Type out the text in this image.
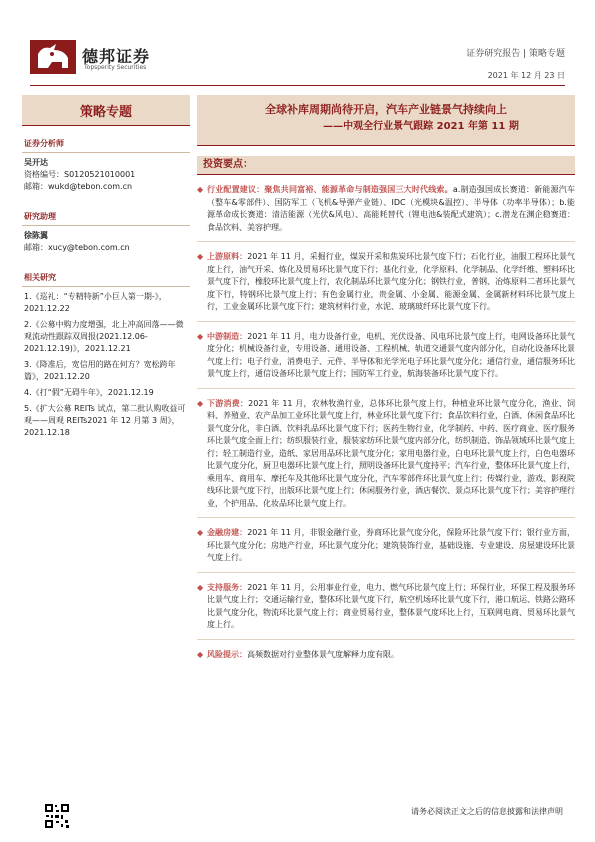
德邦证券
Topsperity Securities
证券研究报告 | 策略专题
2021 年 12 月 23 日
策略专题
证券分析师
吴开达
资格编号：S0120521010001
邮箱：wukd@tebon.com.cn
研究助理
徐陈翼
邮箱：xucy@tebon.com.cn
相关研究
1.《巡礼：“专精特新”小巨人第一期-》，2021.12.22
2.《公募中购力度增强，北上冲高回落——微观流动性跟踪双周报(2021.12.06-2021.12.19)》，2021.12.21
3.《降准后，宽信用的路在何方？宽松跨年篇》，2021.12.20
4.《打“假”无碍牛年》，2021.12.19
5.《扩大公募 REITs 试点，第二批认购收益可观——周观 REITs2021 年 12 月第 3 周》，2021.12.18
全球补库周期尚待开启，汽车产业链景气持续向上
——中观全行业景气跟踪 2021 年第 11 期
投资要点：
◆ 行业配置建议：聚焦共同富裕、能源革命与制造强国三大时代线索。a.制造强国成长赛道：新能源汽车（整车&零部件）、国防军工（飞机&导弹产业链）、IDC（光模块&温控）、半导体（功率半导体）；b.能源革命成长赛道：清洁能源（光伏&风电）、高能耗替代（锂电池&装配式建筑）；c.潜龙在渊企稳赛道：食品饮料、美容护理。
◆ 上游原料：2021 年 11 月，采掘行业，煤炭开采和焦炭环比景气度下行；石化行业，油服工程环比景气度上行，油气开采、炼化及贸易环比景气度下行；基化行业，化学原料、化学制品、化学纤维、塑料环比景气度下行，橡胶环比景气度上行，农化制品环比景气度分化；钢铁行业，普钢、冶炼原料二者环比景气度下行，特钢环比景气度上行；有色金属行业，贵金属、小金属、能源金属、金属新材料环比景气度上行，工业金属环比景气度下行；建筑材料行业，水泥、玻璃玻纤环比景气度下行。
◆ 中游制造：2021 年 11 月，电力设备行业，电机、光伏设备、风电环比景气度上行，电网设备环比景气度分化；机械设备行业，专用设备、通用设备、工程机械、轨道交通景气度内部分化，自动化设备环比景气度上行；电子行业，消费电子、元件、半导体和光学光电子环比景气度分化；通信行业，通信服务环比景气度上行，通信设备环比景气度上行；国防军工行业，航海装备环比景气度下行。
◆ 下游消费：2021 年 11 月，农林牧渔行业，总体环比景气度上行，种植业环比景气度分化，渔业、饲料、养殖业、农产品加工业环比景气度上行，林业环比景气度下行；食品饮料行业，白酒、休闲食品环比景气度分化，非白酒、饮料乳品环比景气度下行；医药生物行业，化学制药、中药、医疗商业、医疗服务环比景气度全面上行；纺织服装行业，服装家纺环比景气度内部分化，纺织制造、饰品领域环比景气度上行；轻工制造行业，造纸、家居用品环比景气度分化；家用电器行业，白电环比景气度上行，白色电器环比景气度分化，厨卫电器环比景气度上行，照明设备环比景气度持平；汽车行业，整体环比景气度上行，乘用车、商用车、摩托车及其他环比景气度分化，汽车零部件环比景气度上行；传媒行业，游戏、影视院线环比景气度下行，出版环比景气度上行；休闲服务行业，酒店餐饮、景点环比景气度下行；美容护理行业，个护用品、化妆品环比景气度上行。
◆ 金融房建：2021 年 11 月，非银金融行业，券商环比景气度分化，保险环比景气度下行；银行业方面，环比景气度分化；房地产行业，环比景气度分化；建筑装饰行业，基础设施、专业建设、房屋建设环比景气度上行。
◆ 支持服务：2021 年 11 月，公用事业行业，电力、燃气环比景气度上行；环保行业，环保工程及服务环比景气度上行；交通运输行业，整体环比景气度下行，航空机场环比景气度下行，港口航运、铁路公路环比景气度分化，物流环比景气度上行；商业贸易行业，整体景气度环比上行，互联网电商、贸易环比景气度上行。
◆ 风险提示：高频数据对行业整体景气度解释力度有限。
请务必阅读正文之后的信息披露和法律声明
